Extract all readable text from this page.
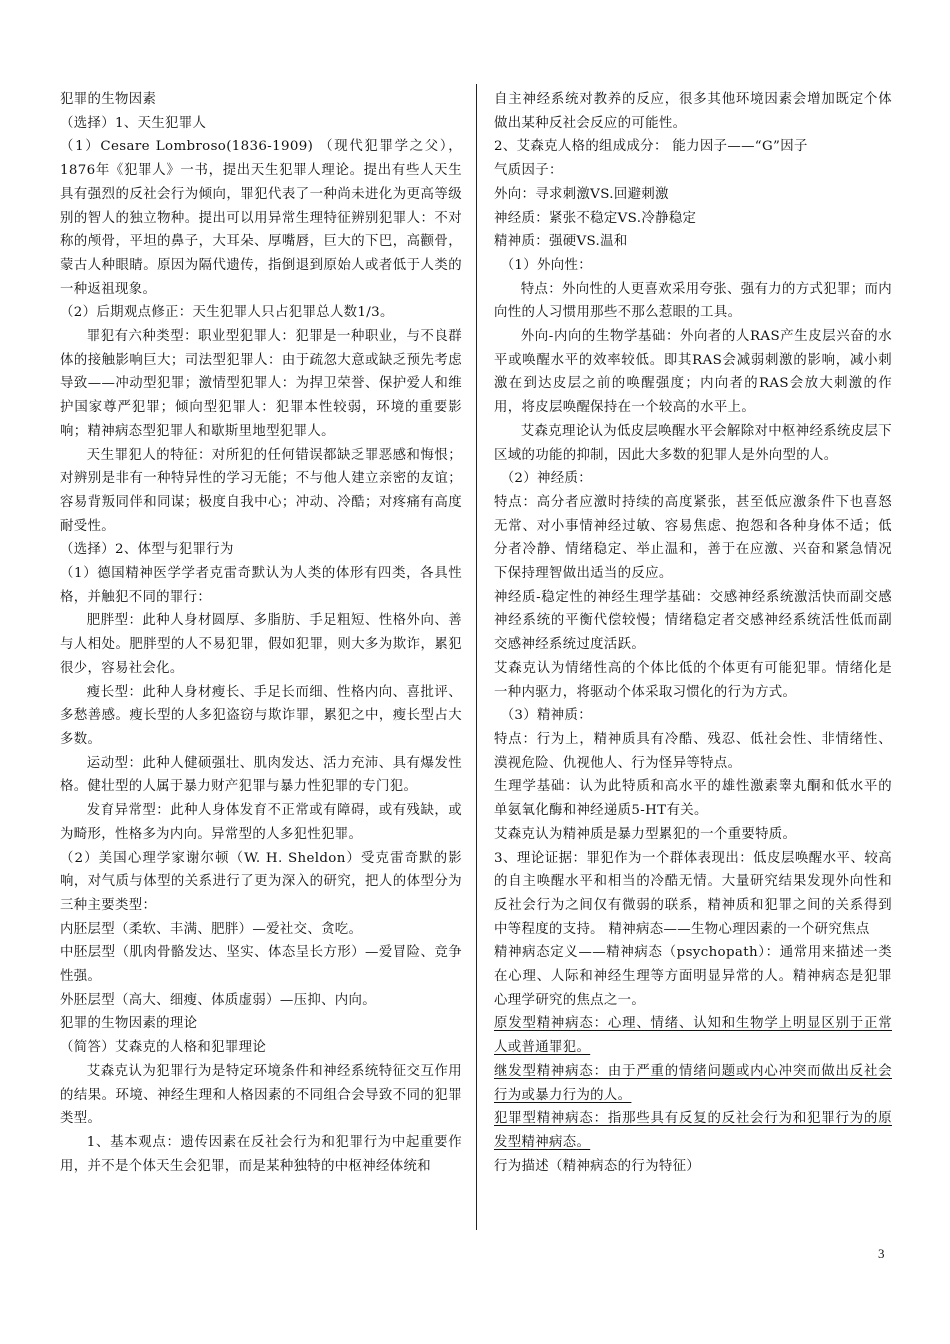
犯罪的生物因素

（选择）1、天生犯罪人

（1）Cesare Lombroso(1836-1909) （现代犯罪学之父），1876年《犯罪人》一书，提出天生犯罪人理论。提出有些人天生具有强烈的反社会行为倾向，罪犯代表了一种尚未进化为更高等级别的智人的独立物种。提出可以用异常生理特征辨别犯罪人：不对称的颅骨，平坦的鼻子，大耳朵、厚嘴唇，巨大的下巴，高颧骨，蒙古人种眼睛。原因为隔代遗传，指倒退到原始人或者低于人类的一种返祖现象。

（2）后期观点修正：天生犯罪人只占犯罪总人数1/3。

罪犯有六种类型：职业型犯罪人：犯罪是一种职业，与不良群体的接触影响巨大；司法型犯罪人：由于疏忽大意或缺乏预先考虑导致——冲动型犯罪；激情型犯罪人：为捍卫荣誉、保护爱人和维护国家尊严犯罪；倾向型犯罪人：犯罪本性较弱，环境的重要影响；精神病态型犯罪人和歇斯里地型犯罪人。

天生罪犯人的特征：对所犯的任何错误都缺乏罪恶感和悔恨；对辨别是非有一种特异性的学习无能；不与他人建立亲密的友谊；容易背叛同伴和同谋；极度自我中心；冲动、冷酷；对疼痛有高度耐受性。

（选择）2、体型与犯罪行为

（1）德国精神医学学者克雷奇默认为人类的体形有四类，各具性格，并触犯不同的罪行：

肥胖型：此种人身材圆厚、多脂肪、手足粗短、性格外向、善与人相处。肥胖型的人不易犯罪，假如犯罪，则大多为欺诈，累犯很少，容易社会化。

瘦长型：此种人身材瘦长、手足长而细、性格内向、喜批评、多愁善感。瘦长型的人多犯盗窃与欺诈罪，累犯之中，瘦长型占大多数。

运动型：此种人健硕强壮、肌肉发达、活力充沛、具有爆发性格。健壮型的人属于暴力财产犯罪与暴力性犯罪的专门犯。

发育异常型：此种人身体发育不正常或有障碍，或有残缺，或为畸形，性格多为内向。异常型的人多犯性犯罪。

（2）美国心理学家谢尔顿（W. H. Sheldon）受克雷奇默的影响，对气质与体型的关系进行了更为深入的研究，把人的体型分为三种主要类型：

内胚层型（柔软、丰满、肥胖）—爱社交、贪吃。

中胚层型（肌肉骨骼发达、坚实、体态呈长方形）—爱冒险、竞争性强。

外胚层型（高大、细瘦、体质虚弱）—压抑、内向。

犯罪的生物因素的理论

（简答）艾森克的人格和犯罪理论

艾森克认为犯罪行为是特定环境条件和神经系统特征交互作用的结果。环境、神经生理和人格因素的不同组合会导致不同的犯罪类型。

1、基本观点：遗传因素在反社会行为和犯罪行为中起重要作用，并不是个体天生会犯罪，而是某种独特的中枢神经体统和

自主神经系统对教养的反应，很多其他环境因素会增加既定个体做出某种反社会反应的可能性。

2、艾森克人格的组成成分： 能力因子——“G”因子

气质因子：

外向：寻求刺激VS.回避刺激

神经质：紧张不稳定VS.冷静稳定

精神质：强硬VS.温和

（1）外向性：

特点：外向性的人更喜欢采用夸张、强有力的方式犯罪；而内向性的人习惯用那些不那么惹眼的工具。

外向-内向的生物学基础：外向者的人RAS产生皮层兴奋的水平或唤醒水平的效率较低。即其RAS会减弱刺激的影响，减小刺激在到达皮层之前的唤醒强度；内向者的RAS会放大刺激的作用，将皮层唤醒保持在一个较高的水平上。

艾森克理论认为低皮层唤醒水平会解除对中枢神经系统皮层下区域的功能的抑制，因此大多数的犯罪人是外向型的人。

（2）神经质：

特点：高分者应激时持续的高度紧张，甚至低应激条件下也喜怒无常、对小事情神经过敏、容易焦虑、抱怨和各种身体不适；低分者冷静、情绪稳定、举止温和，善于在应激、兴奋和紧急情况下保持理智做出适当的反应。

神经质-稳定性的神经生理学基础：交感神经系统激活快而副交感神经系统的平衡代偿较慢；情绪稳定者交感神经系统活性低而副交感神经系统过度活跃。

艾森克认为情绪性高的个体比低的个体更有可能犯罪。情绪化是一种内驱力，将驱动个体采取习惯化的行为方式。

（3）精神质：

特点：行为上，精神质具有冷酷、残忍、低社会性、非情绪性、漠视危险、仇视他人、行为怪异等特点。

生理学基础：认为此特质和高水平的雄性激素睾丸酮和低水平的单氨氧化酶和神经递质5-HT有关。

艾森克认为精神质是暴力型累犯的一个重要特质。

3、理论证据：罪犯作为一个群体表现出：低皮层唤醒水平、较高的自主唤醒水平和相当的冷酷无情。大量研究结果发现外向性和反社会行为之间仅有微弱的联系，精神质和犯罪之间的关系得到中等程度的支持。 精神病态——生物心理因素的一个研究焦点

精神病态定义——精神病态（psychopath）：通常用来描述一类在心理、人际和神经生理等方面明显异常的人。精神病态是犯罪心理学研究的焦点之一。

原发型精神病态：心理、情绪、认知和生物学上明显区别于正常人或普通罪犯。

继发型精神病态：由于严重的情绪问题或内心冲突而做出反社会行为或暴力行为的人。

犯罪型精神病态：指那些具有反复的反社会行为和犯罪行为的原发型精神病态。

行为描述（精神病态的行为特征）

3
